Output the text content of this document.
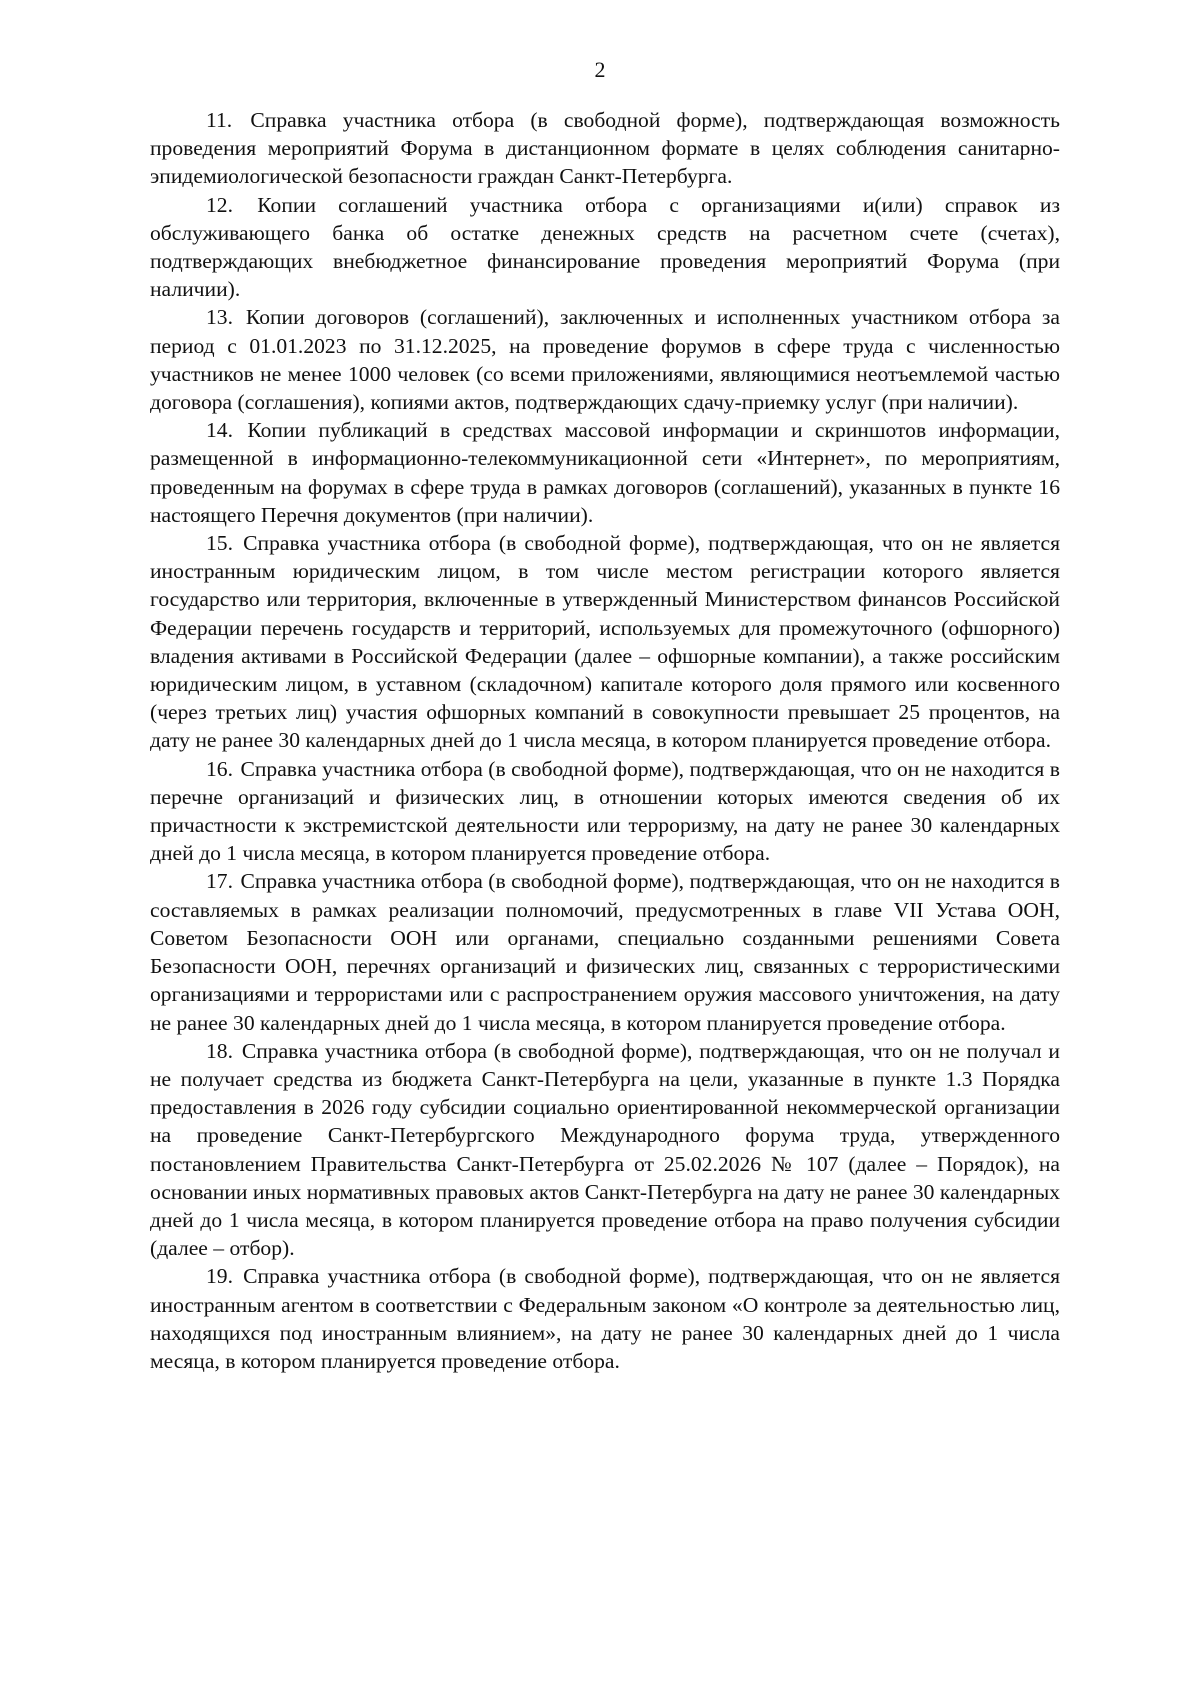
2

11. Справка участника отбора (в свободной форме), подтверждающая возможность проведения мероприятий Форума в дистанционном формате в целях соблюдения санитарно-эпидемиологической безопасности граждан Санкт-Петербурга.

12. Копии соглашений участника отбора с организациями и(или) справок из обслуживающего банка об остатке денежных средств на расчетном счете (счетах), подтверждающих внебюджетное финансирование проведения мероприятий Форума (при наличии).

13. Копии договоров (соглашений), заключенных и исполненных участником отбора за период с 01.01.2023 по 31.12.2025, на проведение форумов в сфере труда с численностью участников не менее 1000 человек (со всеми приложениями, являющимися неотъемлемой частью договора (соглашения), копиями актов, подтверждающих сдачу-приемку услуг (при наличии).

14. Копии публикаций в средствах массовой информации и скриншотов информации, размещенной в информационно-телекоммуникационной сети «Интернет», по мероприятиям, проведенным на форумах в сфере труда в рамках договоров (соглашений), указанных в пункте 16 настоящего Перечня документов (при наличии).

15. Справка участника отбора (в свободной форме), подтверждающая, что он не является иностранным юридическим лицом, в том числе местом регистрации которого является государство или территория, включенные в утвержденный Министерством финансов Российской Федерации перечень государств и территорий, используемых для промежуточного (офшорного) владения активами в Российской Федерации (далее – офшорные компании), а также российским юридическим лицом, в уставном (складочном) капитале которого доля прямого или косвенного (через третьих лиц) участия офшорных компаний в совокупности превышает 25 процентов, на дату не ранее 30 календарных дней до 1 числа месяца, в котором планируется проведение отбора.

16. Справка участника отбора (в свободной форме), подтверждающая, что он не находится в перечне организаций и физических лиц, в отношении которых имеются сведения об их причастности к экстремистской деятельности или терроризму, на дату не ранее 30 календарных дней до 1 числа месяца, в котором планируется проведение отбора.

17. Справка участника отбора (в свободной форме), подтверждающая, что он не находится в составляемых в рамках реализации полномочий, предусмотренных в главе VII Устава ООН, Советом Безопасности ООН или органами, специально созданными решениями Совета Безопасности ООН, перечнях организаций и физических лиц, связанных с террористическими организациями и террористами или с распространением оружия массового уничтожения, на дату не ранее 30 календарных дней до 1 числа месяца, в котором планируется проведение отбора.

18. Справка участника отбора (в свободной форме), подтверждающая, что он не получал и не получает средства из бюджета Санкт-Петербурга на цели, указанные в пункте 1.3 Порядка предоставления в 2026 году субсидии социально ориентированной некоммерческой организации на проведение Санкт-Петербургского Международного форума труда, утвержденного постановлением Правительства Санкт-Петербурга от 25.02.2026 № 107 (далее – Порядок), на основании иных нормативных правовых актов Санкт-Петербурга на дату не ранее 30 календарных дней до 1 числа месяца, в котором планируется проведение отбора на право получения субсидии (далее – отбор).

19. Справка участника отбора (в свободной форме), подтверждающая, что он не является иностранным агентом в соответствии с Федеральным законом «О контроле за деятельностью лиц, находящихся под иностранным влиянием», на дату не ранее 30 календарных дней до 1 числа месяца, в котором планируется проведение отбора.
